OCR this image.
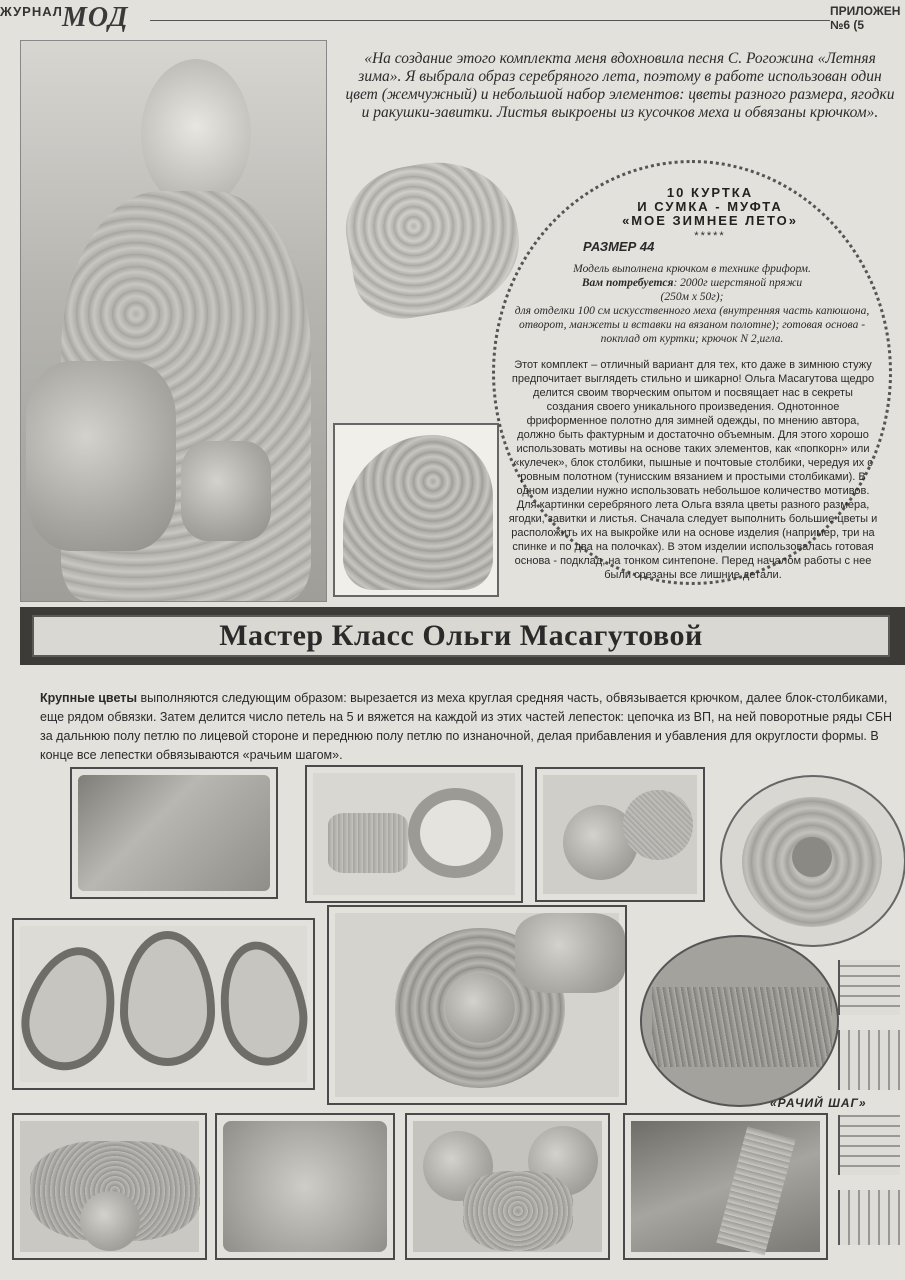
ЖУРНАЛ МОД	ПРИЛОЖЕН
№6 (5
«На создание этого комплекта меня вдохновила песня С. Рогожина «Летняя зима». Я выбрала образ серебряного лета, поэтому в работе использован один цвет (жемчужный) и небольшой набор элементов: цветы разного размера, ягодки и ракушки-завитки. Листья выкроены из кусочков меха и обвязаны крючком».
10 КУРТКА
И СУМКА - МУФТА
«МОЕ ЗИМНЕЕ ЛЕТО»
*****
РАЗМЕР 44
Модель выполнена крючком в технике фриформ.
Вам потребуется: 2000г шерстяной пряжи
(250м х 50г);
для отделки 100 см искусственного меха (внутренняя часть капюшона, отворот, манжеты и вставки на вязаном полотне); готовая основа - покплад от куртки; крючок N 2,игла.
Этот комплект – отличный вариант для тех, кто даже в зимнюю стужу предпочитает выглядеть стильно и шикарно! Ольга Масагутова щедро делится своим творческим опытом и посвящает нас в секреты создания своего уникального произведения. Однотонное фриформенное полотно для зимней одежды, по мнению автора, должно быть фактурным и достаточно объемным. Для этого хорошо использовать мотивы на основе таких элементов, как «попкорн» или «кулечек», блок столбики, пышные и почтовые столбики, чередуя их с ровным полотном (тунисским вязанием и простыми столбиками). В одном изделии нужно использовать небольшое количество мотивов. Для картинки серебряного лета Ольга взяла цветы разного размера, ягодки, завитки и листья. Сначала следует выполнить большие цветы и расположить их на выкройке или на основе изделия (например, три на спинке и по два на полочках). В этом изделии использовалась готовая основа - подклад, на тонком синтепоне. Перед началом работы с нее были срезаны все лишние детали.
Мастер Класс Ольги Масагутовой
Крупные цветы выполняются следующим образом: вырезается из меха круглая средняя часть, обвязывается крючком, далее блок-столбиками, еще рядом обвязки. Затем делится число петель на 5 и вяжется на каждой из этих частей лепесток: цепочка из ВП, на ней поворотные ряды СБН за дальнюю полу петлю по лицевой стороне и переднюю полу петлю по изнаночной, делая прибавления и убавления для округлости формы. В конце все лепестки обвязываются «рачьим шагом».
«РАЧИЙ ШАГ»
